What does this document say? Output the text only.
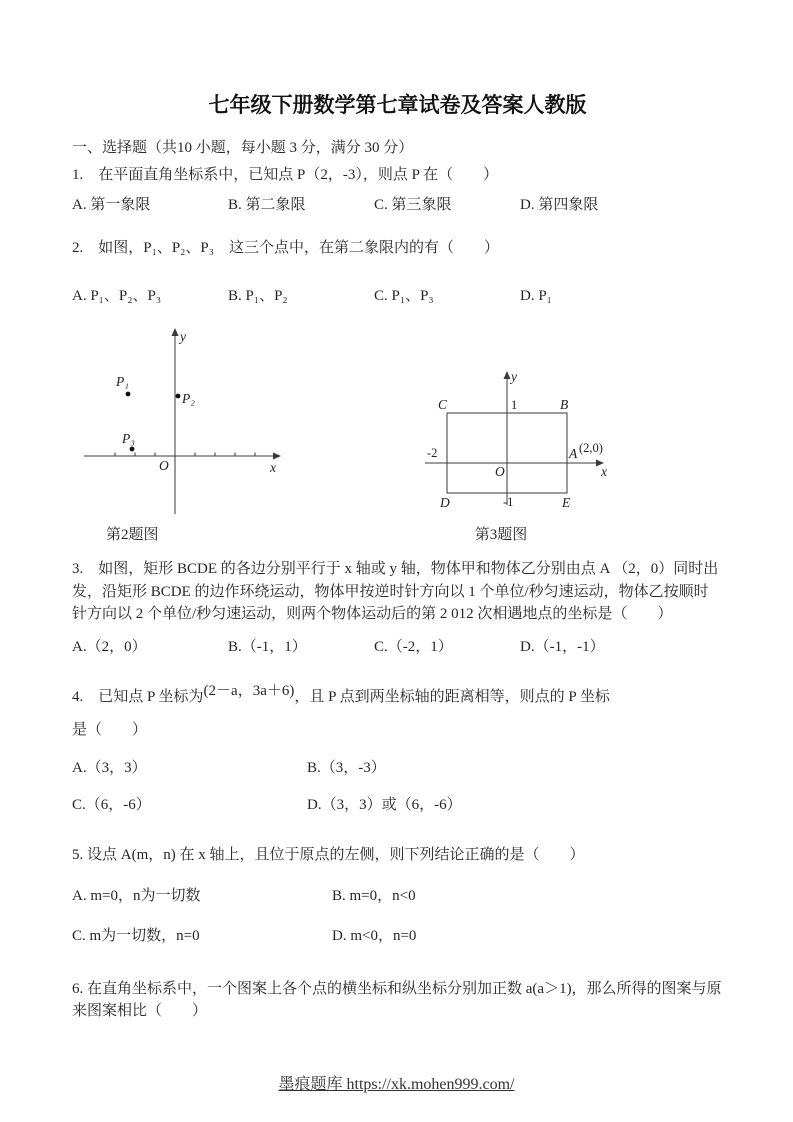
七年级下册数学第七章试卷及答案人教版
一、选择题（共10 小题，每小题 3 分，满分 30 分）
1.　在平面直角坐标系中，已知点 P（2，-3），则点 P 在（　　）
A. 第一象限	B. 第二象限	C. 第三象限	D. 第四象限
2.　如图，P₁、P₂、P₃　这三个点中，在第二象限内的有（　　）
A. P₁、P₂、P₃	B. P₁、P₂	C. P₁、P₃	D. P₁
y
x
O
P₁
P₂
P₃
第2题图
y
x
O
C	B
D	E
A (2,0)
1
-1
-2
第3题图
3.　如图，矩形 BCDE 的各边分别平行于 x 轴或 y 轴，物体甲和物体乙分别由点 A （2，0）同时出发，沿矩形 BCDE 的边作环绕运动，物体甲按逆时针方向以 1 个单位/秒匀速运动，物体乙按顺时针方向以 2 个单位/秒匀速运动，则两个物体运动后的第 2 012 次相遇地点的坐标是（　　）
A.（2，0）	B.（-1，1）	C.（-2，1）	D.（-1，-1）
4.　已知点 P 坐标为(2－a，3a＋6)，且 P 点到两坐标轴的距离相等，则点的 P 坐标
是（　　）
A.（3，3）	B.（3，-3）
C.（6，-6）	D.（3，3）或（6，-6）
5. 设点 A(m，n) 在 x 轴上，且位于原点的左侧，则下列结论正确的是（　　）
A. m=0，n为一切数	B. m=0，n<0
C. m为一切数，n=0	D. m<0，n=0
6. 在直角坐标系中，一个图案上各个点的横坐标和纵坐标分别加正数 a(a＞1)，那么所得的图案与原来图案相比（　　）
墨痕题库 https://xk.mohen999.com/
